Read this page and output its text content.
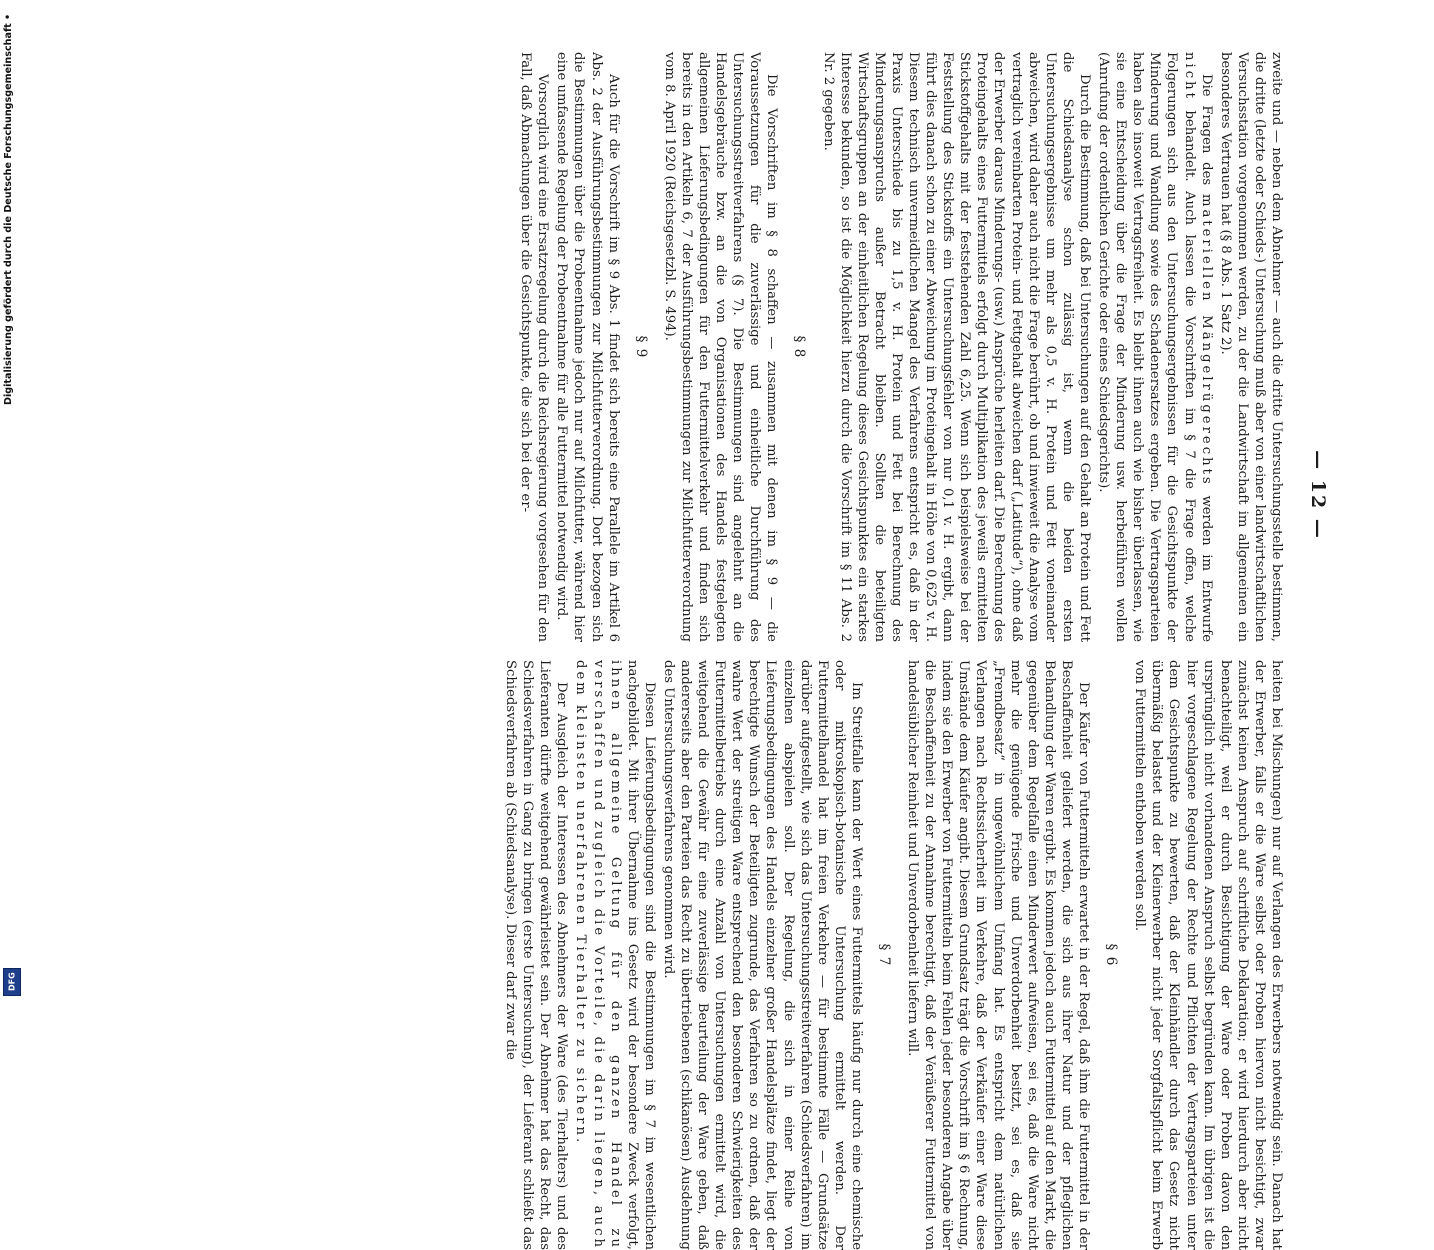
— 12 —

zweite und — neben dem Abnehmer — auch die dritte Untersuchungsstelle bestimmen, die dritte (letzte oder Schieds-) Untersuchung muß aber von einer landwirtschaftlichen Versuchsstation vorgenommen werden, zu der die Landwirtschaft im allgemeinen ein besonderes Vertrauen hat (§ 8 Abs. 1 Satz 2).

Die Fragen des materiellen Mängelrügerechts werden im Entwurfe nicht behandelt. Auch lassen die Vorschriften im § 7 die Frage offen, welche Folgerungen sich aus den Untersuchungsergebnissen für die Gesichtspunkte der Minderung und Wandlung sowie des Schadenersatzes ergeben. Die Vertragsparteien haben also insoweit Vertragsfreiheit. Es bleibt ihnen auch wie bisher überlassen, wie sie eine Entscheidung über die Frage der Minderung usw. herbeiführen wollen (Anrufung der ordentlichen Gerichte oder eines Schiedsgerichts).

Durch die Bestimmung, daß bei Untersuchungen auf den Gehalt an Protein und Fett die Schiedsanalyse schon zulässig ist, wenn die beiden ersten Untersuchungsergebnisse um mehr als 0,5 v. H. Protein und Fett voneinander abweichen, wird daher auch nicht die Frage berührt, ob und inwieweit die Analyse vom vertraglich vereinbarten Protein- und Fettgehalt abweichen darf („Latitude“), ohne daß der Erwerber daraus Minderungs- (usw.) Ansprüche herleiten darf. Die Berechnung des Proteingehalts eines Futtermittels erfolgt durch Multiplikation des jeweils ermittelten Stickstoffgehalts mit der feststehenden Zahl 6,25. Wenn sich beispielsweise bei der Feststellung des Stickstoffs ein Untersuchungsfehler von nur 0,1 v. H. ergibt, dann führt dies danach schon zu einer Abweichung im Proteingehalt in Höhe von 0,625 v. H. Diesem technisch unvermeidlichen Mangel des Verfahrens entspricht es, daß in der Praxis Unterschiede bis zu 1,5 v. H. Protein und Fett bei Berechnung des Minderungsanspruchs außer Betracht bleiben. Sollten die beteiligten Wirtschaftsgruppen an der einheitlichen Regelung dieses Gesichtspunktes ein starkes Interesse bekunden, so ist die Möglichkeit hierzu durch die Vorschrift im § 11 Abs. 2 Nr. 2 gegeben.

§ 8

Die Vorschriften im § 8 schaffen — zusammen mit denen im § 9 — die Voraussetzungen für die zuverlässige und einheitliche Durchführung des Untersuchungsstreitverfahrens (§ 7). Die Bestimmungen sind angelehnt an die Handelsgebräuche bzw. an die von Organisationen des Handels festgelegten allgemeinen Lieferungsbedingungen für den Futtermittelverkehr und finden sich bereits in den Artikeln 6, 7 der Ausführungsbestimmungen zur Milchfutterverordnung vom 8. April 1920 (Reichsgesetzbl. S. 494).

§ 9

Auch für die Vorschrift im § 9 Abs. 1 findet sich bereits eine Parallele im Artikel 6 Abs. 2 der Ausführungsbestimmungen zur Milchfutterverordnung. Dort bezogen sich die Bestimmungen über die Probeentnahme jedoch nur auf Milchfutter, während hier eine umfassende Regelung der Probeentnahme für alle Futtermittel notwendig wird.

Vorsorglich wird eine Ersatzregelung durch die Reichsregierung vorgesehen für den Fall, daß Abmachungen über die Gesichtspunkte, die sich bei der er-

heiten bei Mischungen) nur auf Verlangen des Erwerbers notwendig sein. Danach hat der Erwerber, falls er die Ware selbst oder Proben hiervon nicht besichtigt, zwar zunächst keinen Anspruch auf schriftliche Deklaration; er wird hierdurch aber nicht benachteiligt, weil er durch Besichtigung der Ware oder Proben davon den ursprünglich nicht vorhandenen Anspruch selbst begründen kann. Im übrigen ist die hier vorgeschlagene Regelung der Rechte und Pflichten der Vertragsparteien unter dem Gesichtspunkte zu bewerten, daß der Kleinhändler durch das Gesetz nicht übermäßig belastet und der Kleinerwerber nicht jeder Sorgfaltspflicht beim Erwerb von Futtermitteln enthoben werden soll.

§ 6

Der Käufer von Futtermitteln erwartet in der Regel, daß ihm die Futtermittel in der Beschaffenheit geliefert werden, die sich aus ihrer Natur und der pfleglichen Behandlung der Waren ergibt. Es kommen jedoch auch Futtermittel auf den Markt, die gegenüber dem Regelfalle einen Minderwert aufweisen, sei es, daß die Ware nicht mehr die genügende Frische und Unverdorbenheit besitzt, sei es, daß sie „Fremdbesatz“ in ungewöhnlichem Umfang hat. Es entspricht dem natürlichen Verlangen nach Rechtssicherheit im Verkehre, daß der Verkäufer einer Ware diese Umstände dem Käufer angibt. Diesem Grundsatz trägt die Vorschrift im § 6 Rechnung, indem sie den Erwerber von Futtermitteln beim Fehlen jeder besonderen Angabe über die Beschaffenheit zu der Annahme berechtigt, daß der Veräußerer Futtermittel von handelsüblicher Reinheit und Unverdorbenheit liefern will.

§ 7

Im Streitfalle kann der Wert eines Futtermittels häufig nur durch eine chemische oder mikroskopisch-botanische Untersuchung ermittelt werden. Der Futtermittelhandel hat im freien Verkehre — für bestimmte Fälle — Grundsätze darüber aufgestellt, wie sich das Untersuchungsstreitverfahren (Schiedsverfahren) im einzelnen abspielen soll. Der Regelung, die sich in einer Reihe von Lieferungsbedingungen des Handels einzelner großer Handelsplätze findet, liegt der berechtigte Wunsch der Beteiligten zugrunde, das Verfahren so zu ordnen, daß der wahre Wert der streitigen Ware entsprechend den besonderen Schwierigkeiten des Futtermittelbetriebs durch eine Anzahl von Untersuchungen ermittelt wird, die weitgehend die Gewähr für eine zuverlässige Beurteilung der Ware geben, daß andererseits aber den Parteien das Recht zu übertriebenen (schikanösen) Ausdehnung des Untersuchungsverfahrens genommen wird.

Diesen Lieferungsbedingungen sind die Bestimmungen im § 7 im wesentlichen nachgebildet. Mit ihrer Übernahme ins Gesetz wird der besondere Zweck verfolgt, ihnen allgemeine Geltung für den ganzen Handel zu verschaffen und zugleich die Vorteile, die darin liegen, auch dem kleinsten unerfahrenen Tierhalter zu sichern.

Der Ausgleich der Interessen des Abnehmers der Ware (des Tierhalters) und des Lieferanten dürfte weitgehend gewährleistet sein. Der Abnehmer hat das Recht, das Schiedsverfahren in Gang zu bringen (erste Untersuchung), der Lieferant schließt das Schiedsverfahren ab (Schiedsanalyse). Dieser darf zwar die

Digitalisierung gefördert durch die Deutsche Forschungsgemeinschaft •
DFG
